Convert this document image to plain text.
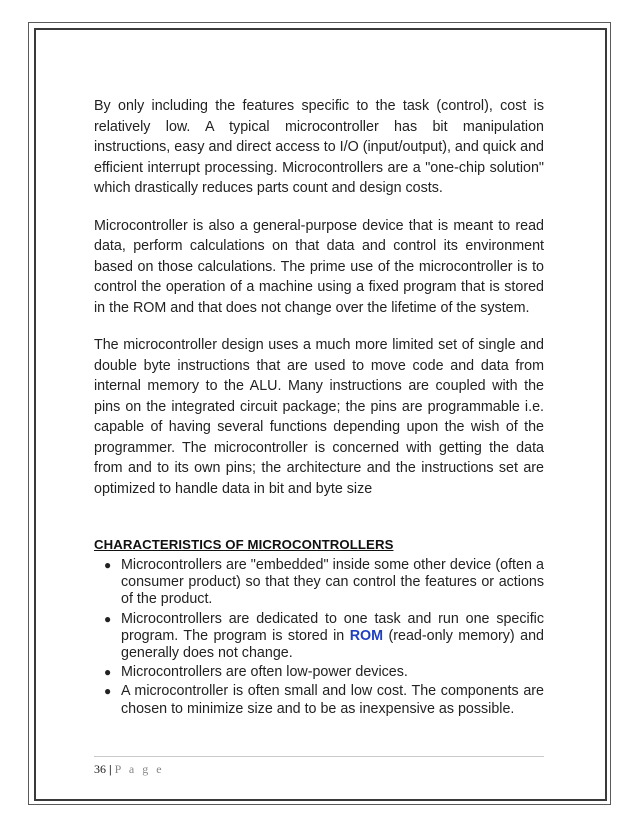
By only including the features specific to the task (control), cost is relatively low. A typical microcontroller has bit manipulation instructions, easy and direct access to I/O (input/output), and quick and efficient interrupt processing. Microcontrollers are a "one-chip solution" which drastically reduces parts count and design costs.

Microcontroller is also a general-purpose device that is meant to read data, perform calculations on that data and control its environment based on those calculations. The prime use of the microcontroller is to control the operation of a machine using a fixed program that is stored in the ROM and that does not change over the lifetime of the system.

The microcontroller design uses a much more limited set of single and double byte instructions that are used to move code and data from internal memory to the ALU. Many instructions are coupled with the pins on the integrated circuit package; the pins are programmable i.e. capable of having several functions depending upon the wish of the programmer. The microcontroller is concerned with getting the data from and to its own pins; the architecture and the instructions set are optimized to handle data in bit and byte size

CHARACTERISTICS OF MICROCONTROLLERS
● Microcontrollers are "embedded" inside some other device (often a consumer product) so that they can control the features or actions of the product.
● Microcontrollers are dedicated to one task and run one specific program. The program is stored in ROM (read-only memory) and generally does not change.
● Microcontrollers are often low-power devices.
● A microcontroller is often small and low cost. The components are chosen to minimize size and to be as inexpensive as possible.
36 | P a g e
